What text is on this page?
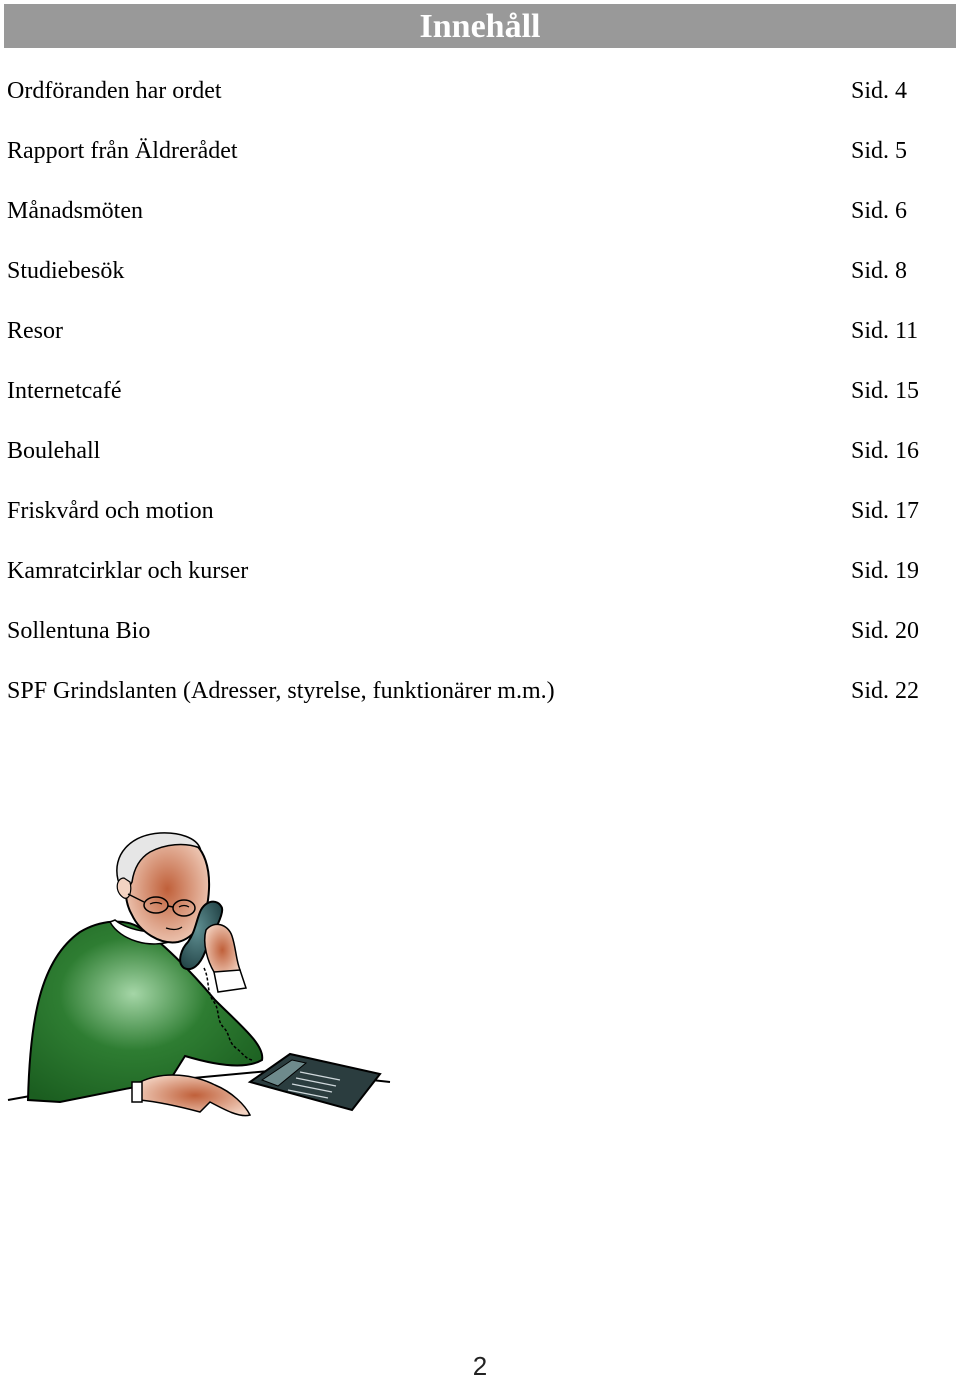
Innehåll
Ordföranden har ordet	Sid. 4
Rapport från Äldrerådet	Sid. 5
Månadsmöten	Sid. 6
Studiebesök	Sid. 8
Resor	Sid. 11
Internetcafé	Sid. 15
Boulehall	Sid. 16
Friskvård och motion	Sid. 17
Kamratcirklar och kurser	Sid. 19
Sollentuna Bio	Sid. 20
SPF Grindslanten (Adresser, styrelse, funktionärer m.m.)	Sid. 22
2
